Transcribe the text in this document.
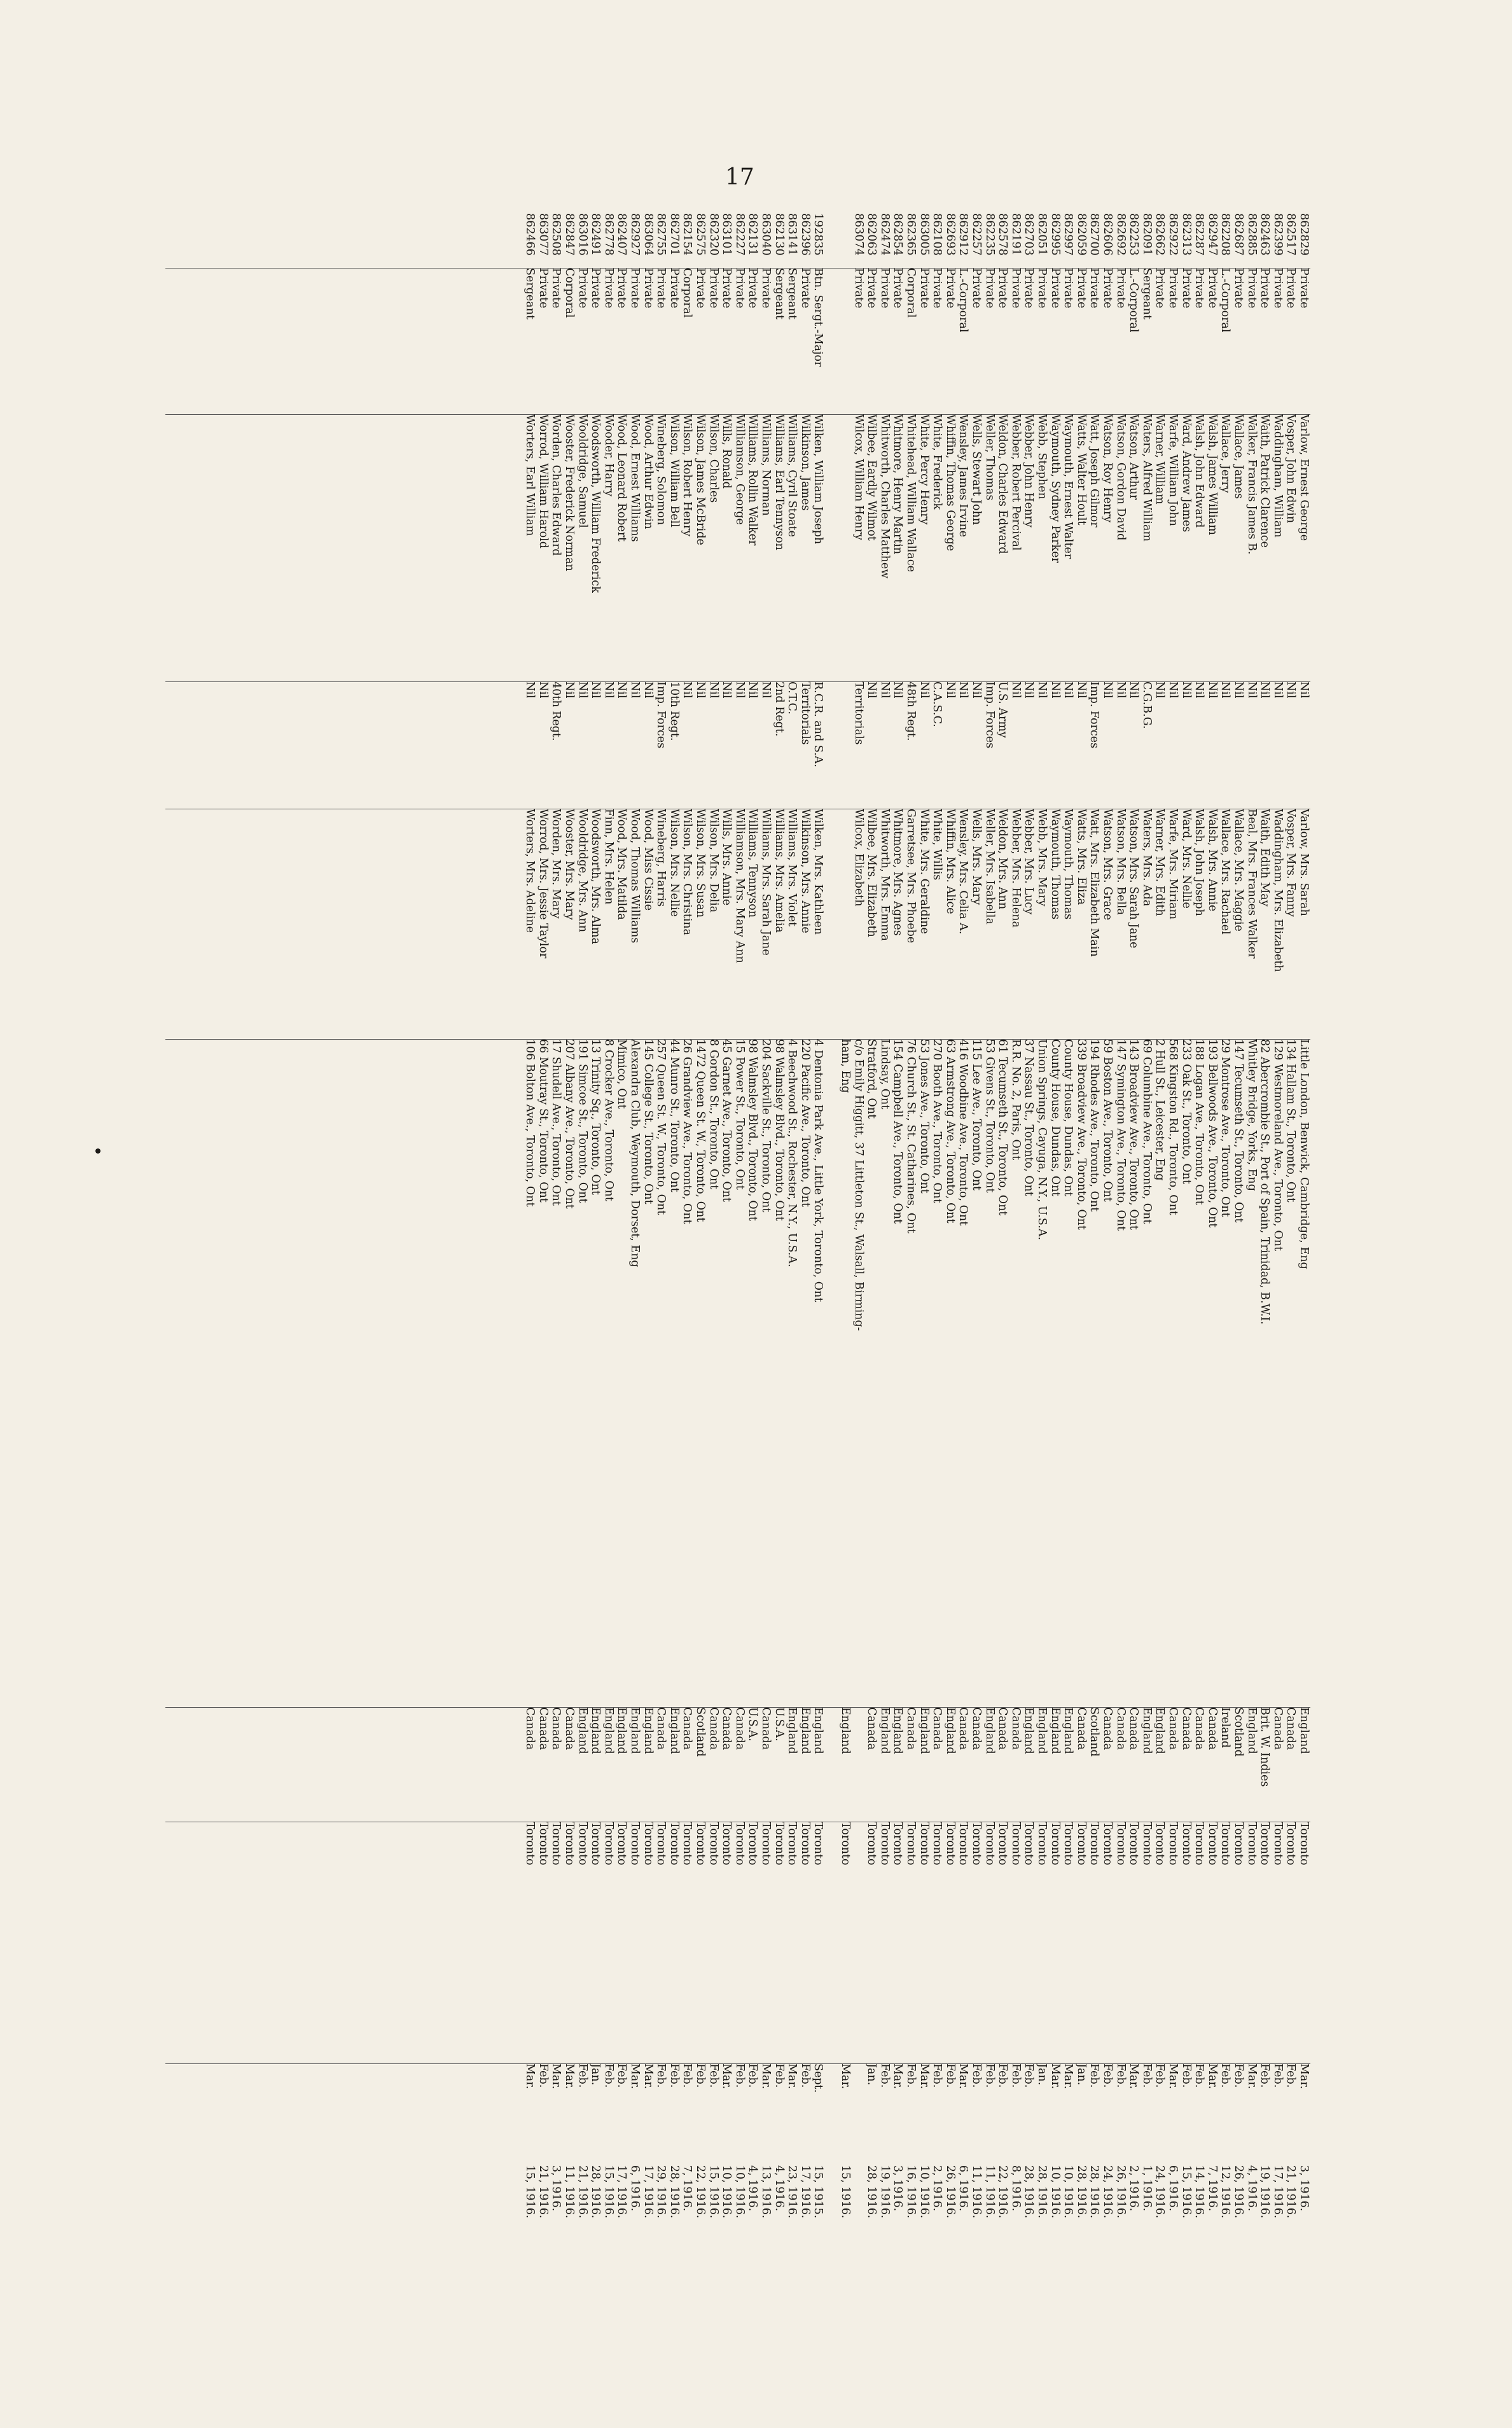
17
862829
Private
Varlow, Ernest George
Nil
Varlow, Mrs. Sarah
Little London, Benwick, Cambridge, Eng
England
Toronto
Mar.
3, 1916.
862517
Private
Vosper, John Edwin
Nil
Vosper, Mrs. Fanny
134 Hallam St., Toronto, Ont
Canada
Toronto
Feb.
21, 1916.
862399
Private
Waddingham, William
Nil
Waddingham, Mrs. Elizabeth
129 Westmoreland Ave., Toronto, Ont
Canada
Toronto
Feb.
17, 1916.
862463
Private
Waith, Patrick Clarence
Nil
Waith, Edith May
82 Abercrombie St., Port of Spain, Trinidad, B.W.I.
Brit. W. Indies
Toronto
Feb.
19, 1916.
862885
Private
Walker, Francis James B.
Nil
Beal, Mrs. Frances Walker
Whitley Bridge, Yorks, Eng
England
Toronto
Mar.
4, 1916.
862687
Private
Wallace, James
Nil
Wallace, Mrs. Maggie
147 Tecumseth St., Toronto, Ont
Scotland
Toronto
Feb.
26, 1916.
862208
L.-Corporal
Wallace, Jerry
Nil
Wallace, Mrs. Rachael
29 Montrose Ave., Toronto, Ont
Ireland
Toronto
Feb.
12, 1916.
862947
Private
Walsh, James William
Nil
Walsh, Mrs. Annie
193 Bellwoods Ave., Toronto, Ont
Canada
Toronto
Mar.
7, 1916.
862287
Private
Walsh, John Edward
Nil
Walsh, John Joseph
188 Logan Ave., Toronto, Ont
Canada
Toronto
Feb.
14, 1916.
862313
Private
Ward, Andrew James
Nil
Ward, Mrs. Nellie
233 Oak St., Toronto, Ont
Canada
Toronto
Feb.
15, 1916.
862922
Private
Warfe, William John
Nil
Warfe, Mrs. Miriam
568 Kingston Rd., Toronto, Ont
Canada
Toronto
Mar.
6, 1916.
862662
Private
Warner, William
Nil
Warner, Mrs. Edith
2 Hull St., Leicester, Eng
England
Toronto
Feb.
24, 1916.
862091
Sergeant
Waters, Alfred William
C.G.B.G.
Waters, Mrs. Ada
69 Columbine Ave., Toronto, Ont
England
Toronto
Feb.
1, 1916.
862253
L.-Corporal
Watson, Arthur
Nil
Watson, Mrs. Sarah Jane
143 Broadview Ave., Toronto, Ont
Canada
Toronto
Mar.
2, 1916.
862692
Private
Watson, Gordon David
Nil
Watson, Mrs. Bella
147 Symington Ave., Toronto, Ont
Canada
Toronto
Feb.
26, 1916.
862606
Private
Watson, Roy Henry
Nil
Watson, Mrs. Grace
59 Boston Ave., Toronto, Ont
Canada
Toronto
Feb.
24, 1916.
862700
Private
Watt, Joseph Gilmor
Imp. Forces
Watt, Mrs. Elizabeth Main
194 Rhodes Ave., Toronto, Ont
Scotland
Toronto
Feb.
28, 1916.
862059
Private
Watts, Walter Hoult
Nil
Watts, Mrs. Eliza
339 Broadview Ave., Toronto, Ont
Canada
Toronto
Jan.
28, 1916.
862997
Private
Waymouth, Ernest Walter
Nil
Waymouth, Thomas
County House, Dundas, Ont
England
Toronto
Mar.
10, 1916.
862995
Private
Waymouth, Sydney Parker
Nil
Waymouth, Thomas
County House, Dundas, Ont
England
Toronto
Mar.
10, 1916.
862051
Private
Webb, Stephen
Nil
Webb, Mrs. Mary
Union Springs, Cayuga, N.Y., U.S.A.
England
Toronto
Jan.
28, 1916.
862703
Private
Webber, John Henry
Nil
Webber, Mrs. Lucy
37 Nassau St., Toronto, Ont
England
Toronto
Feb.
28, 1916.
862191
Private
Webber, Robert Percival
Nil
Webber, Mrs. Helena
R.R. No. 2, Paris, Ont
Canada
Toronto
Feb.
8, 1916.
862578
Private
Weldon, Charles Edward
U.S. Army
Weldon, Mrs. Ann
61 Tecumseth St., Toronto, Ont
Canada
Toronto
Feb.
22, 1916.
862235
Private
Weller, Thomas
Imp. Forces
Weller, Mrs. Isabella
53 Givens St., Toronto, Ont
England
Toronto
Feb.
11, 1916.
862257
Private
Wells, Stewart John
Nil
Wells, Mrs. Mary
115 Lee Ave., Toronto, Ont
Canada
Toronto
Feb.
11, 1916.
862912
L.-Corporal
Wensley, James Irvine
Nil
Wensley, Mrs. Celia A.
416 Woodbine Ave., Toronto, Ont
Canada
Toronto
Mar.
6, 1916.
862693
Private
Whiffin, Thomas George
Nil
Whiffin, Mrs. Alice
63 Armstrong Ave., Toronto, Ont
England
Toronto
Feb.
26, 1916.
862108
Private
White, Frederick
C.A.S.C.
White, Willis
270 Booth Ave., Toronto, Ont
Canada
Toronto
Feb.
2, 1916.
863005
Private
White, Percy Henry
Nil
White, Mrs. Geraldine
53 Jones Ave., Toronto, Ont
England
Toronto
Mar.
10, 1916.
862365
Corporal
Whitehead, William Wallace
48th Regt.
Garretsee, Mrs. Phoebe
76 Church St., St. Catharines, Ont
Canada
Toronto
Feb.
16, 1916.
862854
Private
Whitmore, Henry Martin
Nil
Whitmore, Mrs. Agnes
154 Campbell Ave., Toronto, Ont
England
Toronto
Mar.
3, 1916.
862474
Private
Whitworth, Charles Matthew
Nil
Whitworth, Mrs. Emma
Lindsay, Ont
England
Toronto
Feb.
19, 1916.
862063
Private
Wilbee, Eardly Wilmot
Nil
Wilbee, Mrs. Elizabeth
Stratford, Ont
Canada
Toronto
Jan.
28, 1916.
863074
Private
Wilcox, William Henry
Territorials
Wilcox, Elizabeth
c/o Emily Higgitt, 37 Littleton St., Walsall, Birming-
ham, Eng
England
Toronto
Mar.
15, 1916.
192835
Btn. Sergt.-Major
Wilken, William Joseph
R.C.R. and S.A.
Wilken, Mrs. Kathleen
4 Dentonia Park Ave., Little York, Toronto, Ont
England
Toronto
Sept.
15, 1915.
862396
Private
Wilkinson, James
Territorials
Wilkinson, Mrs. Annie
220 Pacific Ave., Toronto, Ont
England
Toronto
Feb.
17, 1916.
863141
Sergeant
Williams, Cyril Stoate
O.T.C.
Williams, Mrs. Violet
4 Beechwood St., Rochester, N.Y., U.S.A.
England
Toronto
Mar.
23, 1916.
862130
Sergeant
Williams, Earl Tennyson
2nd Regt.
Williams, Mrs. Amelia
98 Walmsley Blvd., Toronto, Ont
U.S.A.
Toronto
Feb.
4, 1916.
863040
Private
Williams, Norman
Nil
Williams, Mrs. Sarah Jane
204 Sackville St., Toronto, Ont
Canada
Toronto
Mar.
13, 1916.
862131
Private
Williams, Rollin Walker
Nil
Williams, Tennyson
98 Walmsley Blvd., Toronto, Ont
U.S.A.
Toronto
Feb.
4, 1916.
862227
Private
Williamson, George
Nil
Williamson, Mrs. Mary Ann
15 Power St., Toronto, Ont
Canada
Toronto
Feb.
10, 1916.
863101
Private
Wills, Ronald
Nil
Wills, Mrs. Annie
45 Garnet Ave., Toronto, Ont
Canada
Toronto
Mar.
10, 1916.
862320
Private
Wilson, Charles
Nil
Wilson, Mrs. Delia
8 Gordon St., Toronto, Ont
Canada
Toronto
Feb.
15, 1916.
862575
Private
Wilson, James McBride
Nil
Wilson, Mrs. Susan
1472 Queen St. W., Toronto, Ont
Scotland
Toronto
Feb.
22, 1916.
862154
Corporal
Wilson, Robert Henry
Nil
Wilson, Mrs. Christina
26 Grandview Ave., Toronto, Ont
Canada
Toronto
Feb.
7, 1916.
862701
Private
Wilson, William Bell
10th Regt.
Wilson, Mrs. Nellie
44 Munro St., Toronto, Ont
England
Toronto
Feb.
28, 1916.
862755
Private
Wineberg, Solomon
Imp. Forces
Wineberg, Harris
257 Queen St. W., Toronto, Ont
Canada
Toronto
Feb.
29, 1916.
863064
Private
Wood, Arthur Edwin
Nil
Wood, Miss Cissie
145 College St., Toronto, Ont
England
Toronto
Mar.
17, 1916.
862927
Private
Wood, Ernest Williams
Nil
Wood, Thomas Williams
Alexandra Club, Weymouth, Dorset, Eng
England
Toronto
Mar.
6, 1916.
862407
Private
Wood, Leonard Robert
Nil
Wood, Mrs. Matilda
Mimico, Ont
England
Toronto
Feb.
17, 1916.
862778
Private
Wooder, Harry
Nil
Finn, Mrs. Helen
8 Crocker Ave., Toronto, Ont
England
Toronto
Feb.
15, 1916.
862491
Private
Woodsworth, William Frederick
Nil
Woodsworth, Mrs. Alma
13 Trinity Sq., Toronto, Ont
England
Toronto
Jan.
28, 1916.
863016
Private
Wooldridge, Samuel
Nil
Wooldridge, Mrs. Ann
191 Simcoe St., Toronto, Ont
England
Toronto
Feb.
21, 1916.
862847
Corporal
Wooster, Frederick Norman
Nil
Wooster, Mrs. Mary
207 Albany Ave., Toronto, Ont
Canada
Toronto
Mar.
11, 1916.
862508
Private
Worden, Charles Edward
40th Regt.
Worden, Mrs. Mary
17 Shudell Ave., Toronto, Ont
Canada
Toronto
Mar.
3, 1916.
863077
Private
Worrod, William Harold
Nil
Worrod, Mrs. Jessie Taylor
66 Moutray St., Toronto, Ont
Canada
Toronto
Feb.
21, 1916.
862466
Sergeant
Worters, Earl William
Nil
Worters, Mrs. Adeline
106 Bolton Ave., Toronto, Ont
Canada
Toronto
Mar.
15, 1916.
